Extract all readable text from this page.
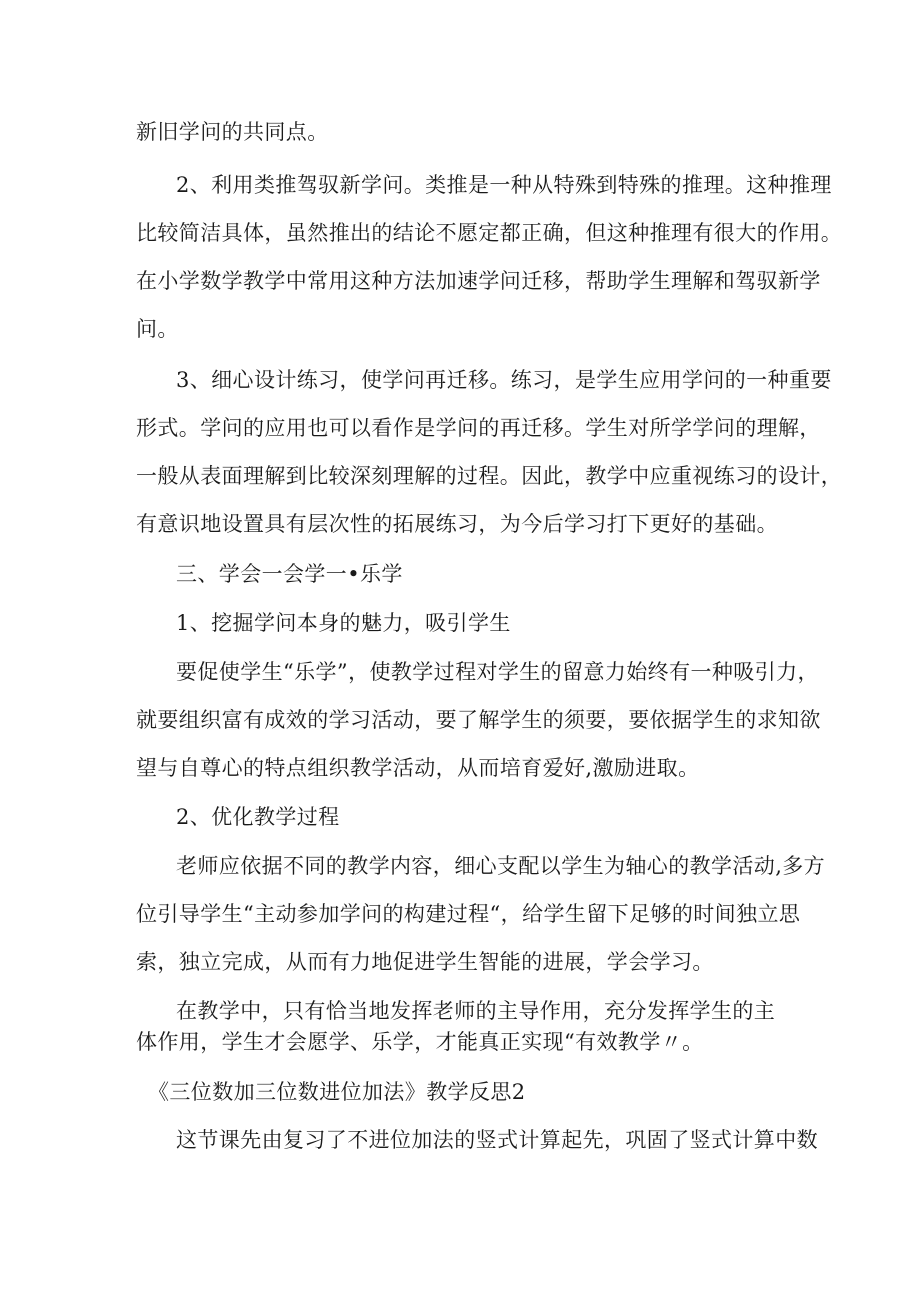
新旧学问的共同点。
2、利用类推驾驭新学问。类推是一种从特殊到特殊的推理。这种推理
比较简洁具体，虽然推出的结论不愿定都正确，但这种推理有很大的作用。
在小学数学教学中常用这种方法加速学问迁移，帮助学生理解和驾驭新学
问。
3、细心设计练习，使学问再迁移。练习，是学生应用学问的一种重要
形式。学问的应用也可以看作是学问的再迁移。学生对所学学问的理解，
一般从表面理解到比较深刻理解的过程。因此，教学中应重视练习的设计，
有意识地设置具有层次性的拓展练习，为今后学习打下更好的基础。
三、学会一会学一•乐学
1、挖掘学问本身的魅力，吸引学生
要促使学生“乐学”，使教学过程对学生的留意力始终有一种吸引力，
就要组织富有成效的学习活动，要了解学生的须要，要依据学生的求知欲
望与自尊心的特点组织教学活动，从而培育爱好,激励进取。
2、优化教学过程
老师应依据不同的教学内容，细心支配以学生为轴心的教学活动,多方
位引导学生“主动参加学问的构建过程“，给学生留下足够的时间独立思
索，独立完成，从而有力地促进学生智能的进展，学会学习。
在教学中，只有恰当地发挥老师的主导作用，充分发挥学生的主
体作用，学生才会愿学、乐学，才能真正实现“有效教学〃。
《三位数加三位数进位加法》教学反思2
这节课先由复习了不进位加法的竖式计算起先，巩固了竖式计算中数
